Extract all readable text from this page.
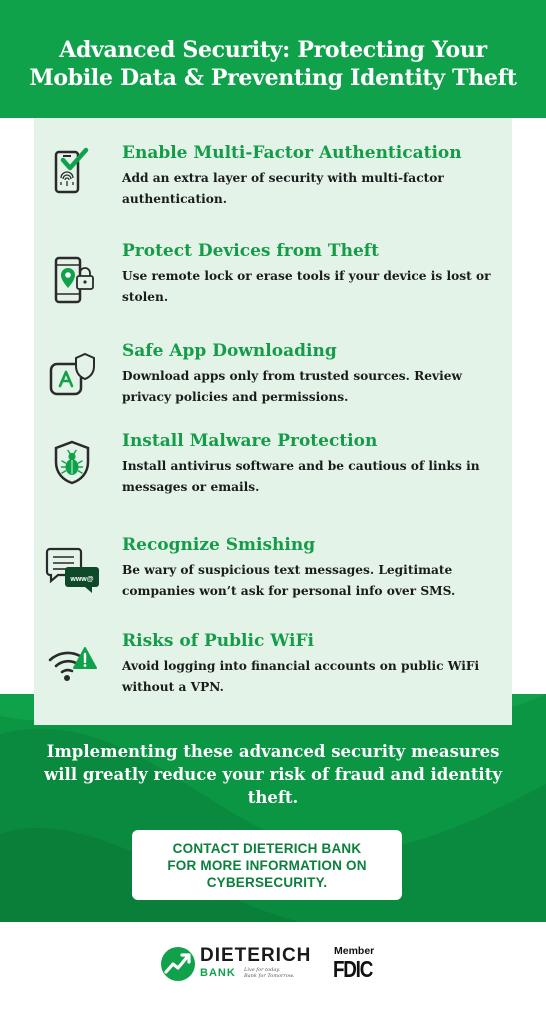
Advanced Security: Protecting Your
Mobile Data & Preventing Identity Theft
Enable Multi-Factor Authentication
Add an extra layer of security with multi-factor authentication.
Protect Devices from Theft
Use remote lock or erase tools if your device is lost or stolen.
Safe App Downloading
Download apps only from trusted sources. Review privacy policies and permissions.
Install Malware Protection
Install antivirus software and be cautious of links in messages or emails.
www@
Recognize Smishing
Be wary of suspicious text messages. Legitimate companies won’t ask for personal info over SMS.
Risks of Public WiFi
Avoid logging into financial accounts on public WiFi without a VPN.
Implementing these advanced security measures will greatly reduce your risk of fraud and identity theft.
CONTACT DIETERICH BANK
FOR MORE INFORMATION ON
CYBERSECURITY.
DIETERICH
BANK Live for today.
Bank for Tomorrow.
Member
FDIC
